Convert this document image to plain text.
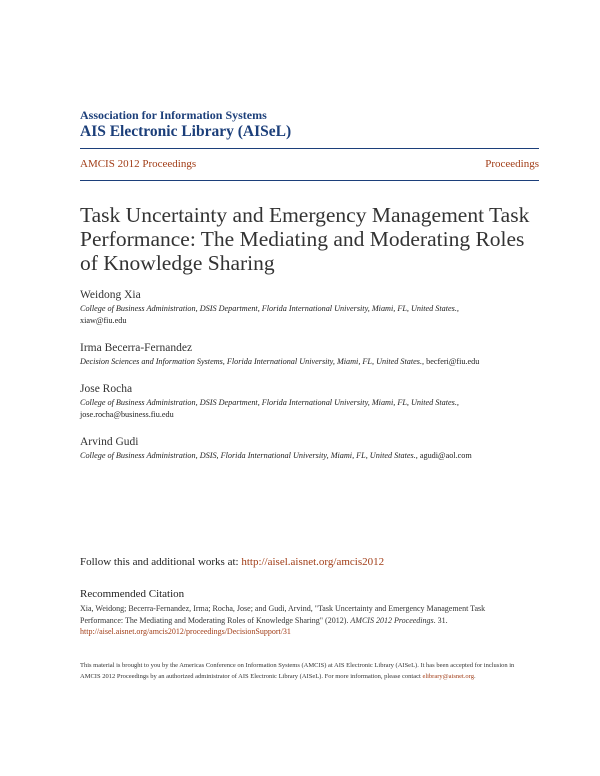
Association for Information Systems
AIS Electronic Library (AISeL)
AMCIS 2012 Proceedings	Proceedings
Task Uncertainty and Emergency Management Task Performance: The Mediating and Moderating Roles of Knowledge Sharing
Weidong Xia
College of Business Administration, DSIS Department, Florida International University, Miami, FL, United States.,
xiaw@fiu.edu
Irma Becerra-Fernandez
Decision Sciences and Information Systems, Florida International University, Miami, FL, United States., becferi@fiu.edu
Jose Rocha
College of Business Administration, DSIS Department, Florida International University, Miami, FL, United States.,
jose.rocha@business.fiu.edu
Arvind Gudi
College of Business Administration, DSIS, Florida International University, Miami, FL, United States., agudi@aol.com
Follow this and additional works at: http://aisel.aisnet.org/amcis2012
Recommended Citation
Xia, Weidong; Becerra-Fernandez, Irma; Rocha, Jose; and Gudi, Arvind, "Task Uncertainty and Emergency Management Task Performance: The Mediating and Moderating Roles of Knowledge Sharing" (2012). AMCIS 2012 Proceedings. 31.
http://aisel.aisnet.org/amcis2012/proceedings/DecisionSupport/31
This material is brought to you by the Americas Conference on Information Systems (AMCIS) at AIS Electronic Library (AISeL). It has been accepted for inclusion in AMCIS 2012 Proceedings by an authorized administrator of AIS Electronic Library (AISeL). For more information, please contact elibrary@aisnet.org.
